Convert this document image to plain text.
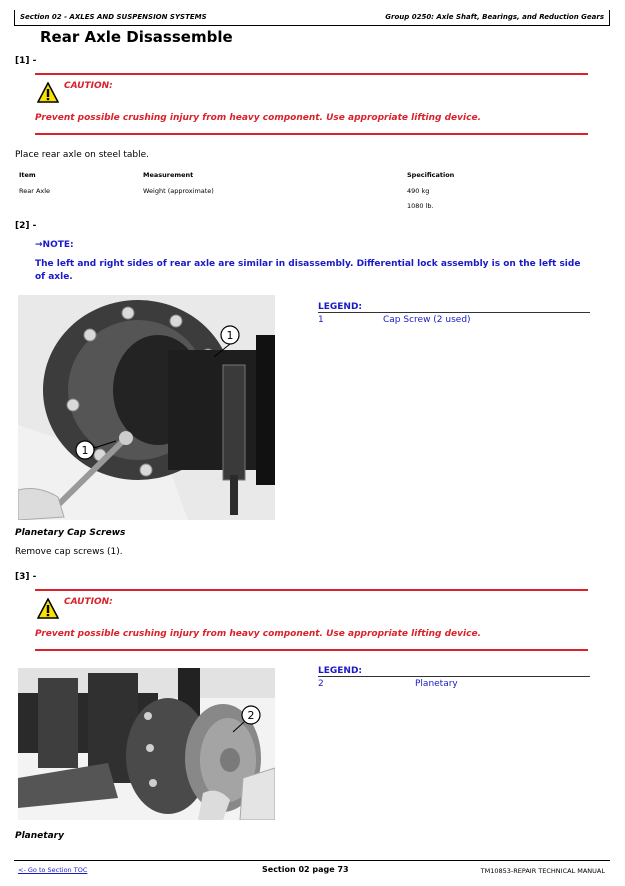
Section 02 - AXLES AND SUSPENSION SYSTEMS	Group 0250: Axle Shaft, Bearings, and Reduction Gears
Rear Axle Disassemble
[1] -
CAUTION:
Prevent possible crushing injury from heavy component. Use appropriate lifting device.
Place rear axle on steel table.
Item	Measurement	Specification
Rear Axle	Weight (approximate)	490 kg
1080 lb.
[2] -
→NOTE:
The left and right sides of rear axle are similar in disassembly. Differential lock assembly is on the left side of axle.
LEGEND:
1	Cap Screw (2 used)
1
1
Planetary Cap Screws
Remove cap screws (1).
[3] -
CAUTION:
Prevent possible crushing injury from heavy component. Use appropriate lifting device.
LEGEND:
2	Planetary
2
Planetary
<- Go to Section TOC	Section 02 page 73	TM10853-REPAIR TECHNICAL MANUAL
